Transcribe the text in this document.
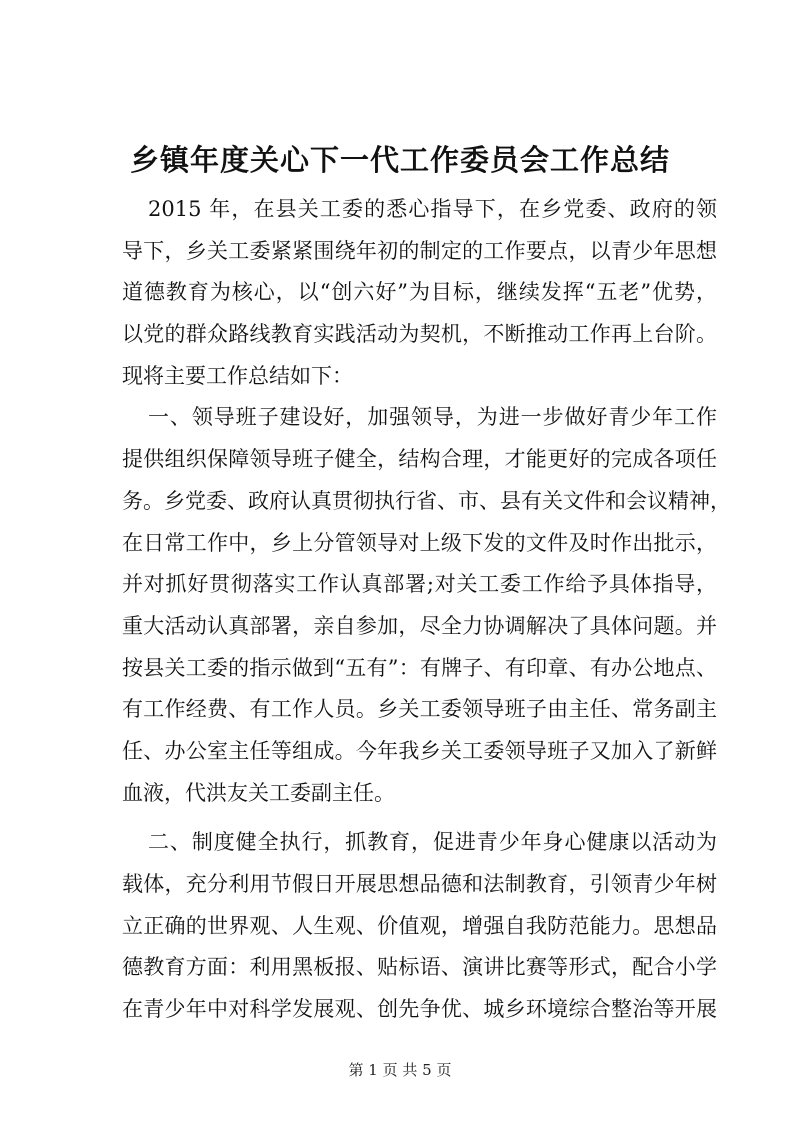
乡镇年度关心下一代工作委员会工作总结
2015 年，在县关工委的悉心指导下，在乡党委、政府的领
导下，乡关工委紧紧围绕年初的制定的工作要点，以青少年思想
道德教育为核心，以“创六好”为目标，继续发挥“五老”优势，
以党的群众路线教育实践活动为契机，不断推动工作再上台阶。
现将主要工作总结如下：
一、领导班子建设好，加强领导，为进一步做好青少年工作
提供组织保障领导班子健全，结构合理，才能更好的完成各项任
务。乡党委、政府认真贯彻执行省、市、县有关文件和会议精神，
在日常工作中，乡上分管领导对上级下发的文件及时作出批示，
并对抓好贯彻落实工作认真部署;对关工委工作给予具体指导，
重大活动认真部署，亲自参加，尽全力协调解决了具体问题。并
按县关工委的指示做到“五有”：有牌子、有印章、有办公地点、
有工作经费、有工作人员。乡关工委领导班子由主任、常务副主
任、办公室主任等组成。今年我乡关工委领导班子又加入了新鲜
血液，代洪友关工委副主任。
二、制度健全执行，抓教育，促进青少年身心健康以活动为
载体，充分利用节假日开展思想品德和法制教育，引领青少年树
立正确的世界观、人生观、价值观，增强自我防范能力。思想品
德教育方面：利用黑板报、贴标语、演讲比赛等形式，配合小学
在青少年中对科学发展观、创先争优、城乡环境综合整治等开展
第 1 页 共 5 页
